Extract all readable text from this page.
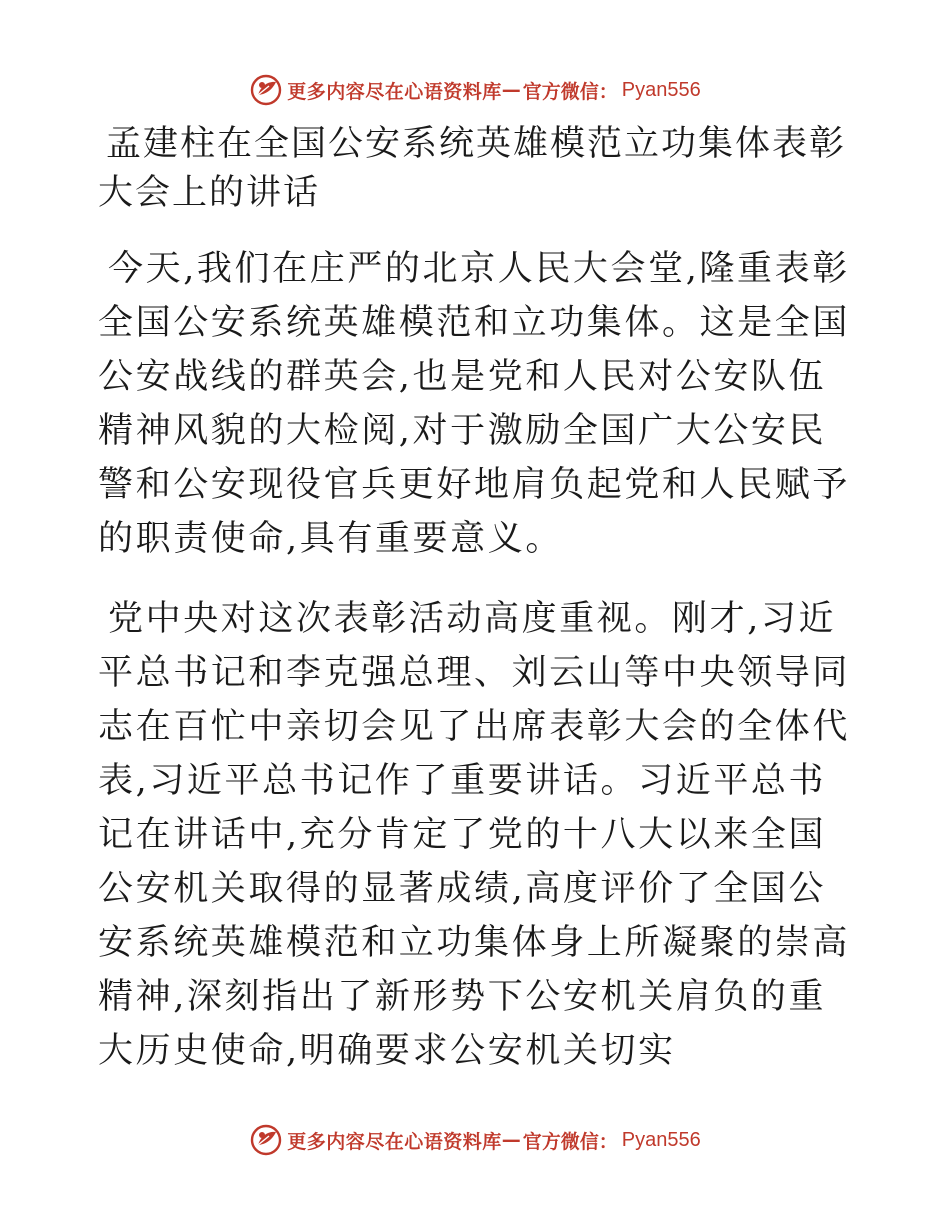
更多内容尽在心语资料库 — 官方微信： Pyan556
孟建柱在全国公安系统英雄模范立功集体表彰大会上的讲话

今天,我们在庄严的北京人民大会堂,隆重表彰全国公安系统英雄模范和立功集体。这是全国公安战线的群英会,也是党和人民对公安队伍精神风貌的大检阅,对于激励全国广大公安民警和公安现役官兵更好地肩负起党和人民赋予的职责使命,具有重要意义。

党中央对这次表彰活动高度重视。刚才,习近平总书记和李克强总理、刘云山等中央领导同志在百忙中亲切会见了出席表彰大会的全体代表,习近平总书记作了重要讲话。习近平总书记在讲话中,充分肯定了党的十八大以来全国公安机关取得的显著成绩,高度评价了全国公安系统英雄模范和立功集体身上所凝聚的崇高精神,深刻指出了新形势下公安机关肩负的重大历史使命,明确要求公安机关切实

更多内容尽在心语资料库 — 官方微信： Pyan556
